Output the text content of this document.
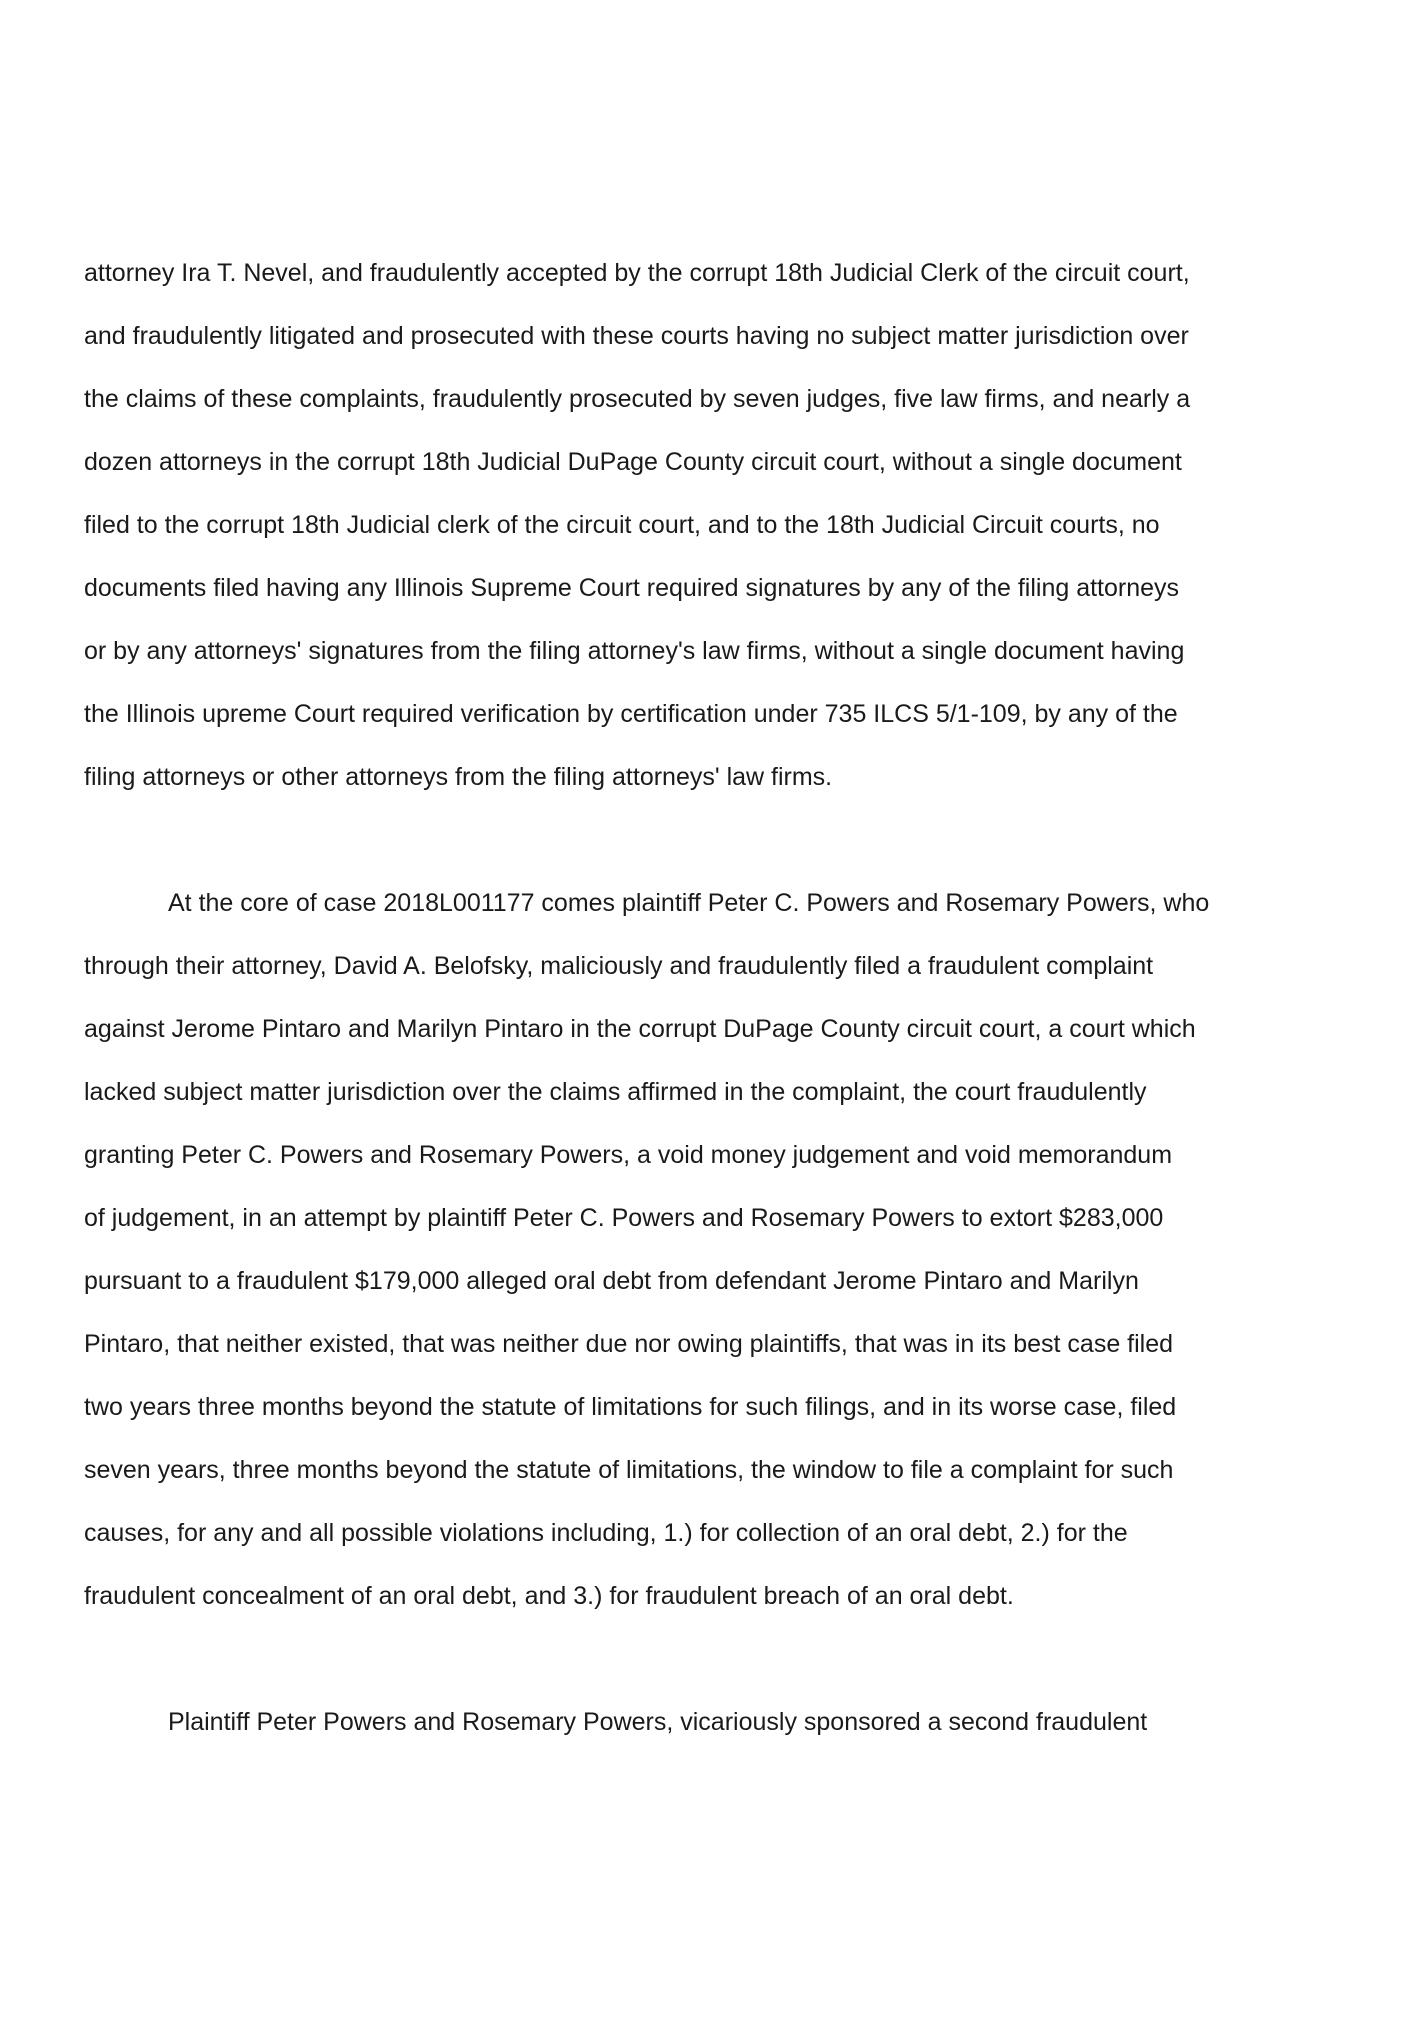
attorney Ira T. Nevel, and fraudulently accepted by the corrupt 18th Judicial Clerk of the circuit court,
and fraudulently litigated and prosecuted with these courts having no subject matter jurisdiction over
the claims of these complaints, fraudulently prosecuted by seven judges, five law firms, and nearly a
dozen attorneys in the corrupt 18th Judicial DuPage County circuit court, without a single document
filed to the corrupt 18th Judicial clerk of the circuit court, and to the 18th Judicial Circuit courts, no
documents filed having any Illinois Supreme Court required signatures by any of the filing attorneys
or by any attorneys' signatures from the filing attorney's law firms, without a single document having
the Illinois upreme Court required verification by certification under 735 ILCS 5/1-109, by any of the
filing attorneys or other attorneys from the filing attorneys' law firms.
At the core of case 2018L001177 comes plaintiff Peter C. Powers and Rosemary Powers, who
through their attorney, David A. Belofsky, maliciously and fraudulently filed a fraudulent complaint
against Jerome Pintaro and Marilyn Pintaro in the corrupt DuPage County circuit court, a court which
lacked subject matter jurisdiction over the claims affirmed in the complaint, the court fraudulently
granting Peter C. Powers and Rosemary Powers, a void money judgement and void memorandum
of judgement, in an attempt by plaintiff Peter C. Powers and Rosemary Powers to extort $283,000
pursuant to a fraudulent $179,000 alleged oral debt from defendant Jerome Pintaro and Marilyn
Pintaro, that neither existed, that was neither due nor owing plaintiffs, that was in its best case filed
two years three months beyond the statute of limitations for such filings, and in its worse case, filed
seven years, three months beyond the statute of limitations, the window to file a complaint for such
causes, for any and all possible violations including, 1.) for collection of an oral debt, 2.) for the
fraudulent concealment of an oral debt, and 3.) for fraudulent breach of an oral debt.
Plaintiff Peter Powers and Rosemary Powers, vicariously sponsored a second fraudulent
